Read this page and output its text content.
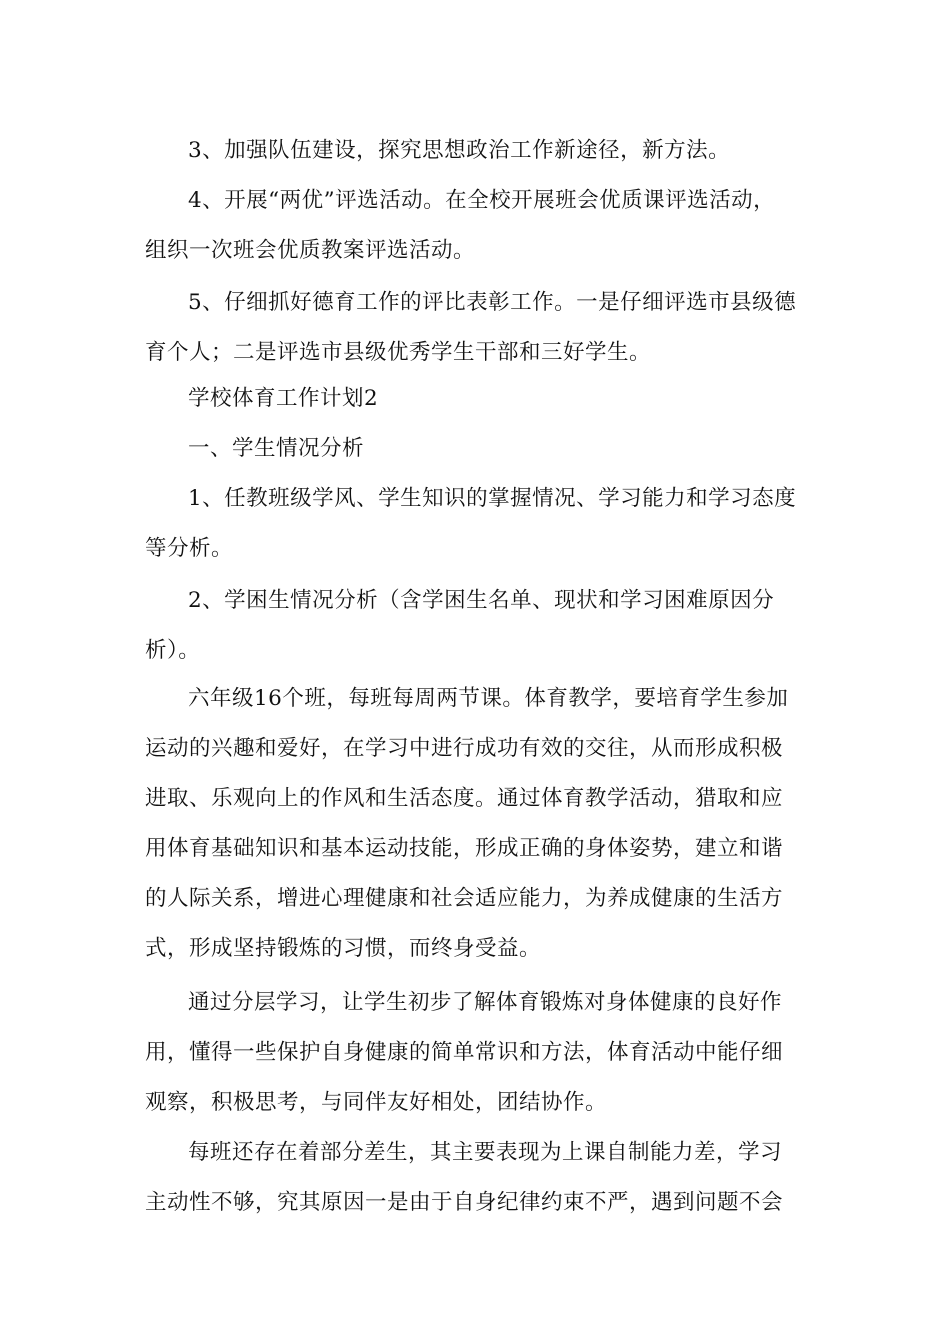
3、加强队伍建设，探究思想政治工作新途径，新方法。

4、开展“两优”评选活动。在全校开展班会优质课评选活动，
组织一次班会优质教案评选活动。

5、仔细抓好德育工作的评比表彰工作。一是仔细评选市县级德
育个人；二是评选市县级优秀学生干部和三好学生。

学校体育工作计划2

一、学生情况分析

1、任教班级学风、学生知识的掌握情况、学习能力和学习态度
等分析。

2、学困生情况分析（含学困生名单、现状和学习困难原因分
析）。

六年级16个班，每班每周两节课。体育教学，要培育学生参加
运动的兴趣和爱好，在学习中进行成功有效的交往，从而形成积极
进取、乐观向上的作风和生活态度。通过体育教学活动，猎取和应
用体育基础知识和基本运动技能，形成正确的身体姿势，建立和谐
的人际关系，增进心理健康和社会适应能力，为养成健康的生活方
式，形成坚持锻炼的习惯，而终身受益。

通过分层学习，让学生初步了解体育锻炼对身体健康的良好作
用，懂得一些保护自身健康的简单常识和方法，体育活动中能仔细
观察，积极思考，与同伴友好相处，团结协作。

每班还存在着部分差生，其主要表现为上课自制能力差，学习
主动性不够，究其原因一是由于自身纪律约束不严，遇到问题不会
